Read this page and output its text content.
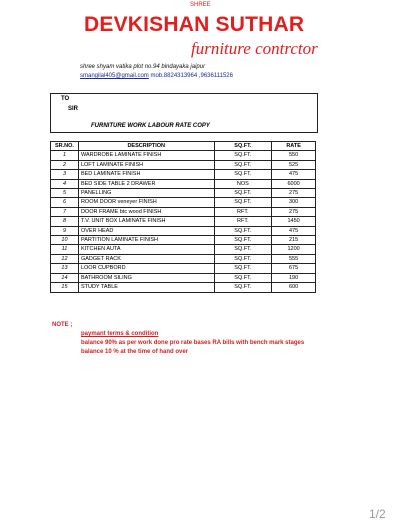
SHREE
DEVKISHAN SUTHAR
furniture contrctor
shree shyam vatika plot no.94 bindayaka jaipur
smangilal405@gmail.com mob.8824313964 ,9636111526
TO
SIR
FURNITURE WORK LABOUR RATE COPY
SR.NO.	DESCRIPTION	SQ.FT.	RATE
1	WARDROBE LAMINATE FINISH	SQ.FT.	550
2	LOFT LAMINATE FINISH	SQ.FT.	525
3	BED LAMINATE FINISH	SQ.FT.	475
4	BED SIDE TABLE 2 DRAWER	NOS	6000
5	PANELLING	SQ.FT.	275
6	ROOM DOOR veneyer FINISH	SQ.FT.	300
7	DOOR FRAME btc wood FINISH	RFT.	275
8	T.V. UNIT BOX LAMINATE FINISH	RFT.	1450
9	OVER HEAD	SQ.FT.	475
10	PARTITION LAMINATE FINISH	SQ.FT.	215
11	KITCHEN AUTA	SQ.FT.	1200
12	GADGET RACK	SQ.FT.	555
13	LOOR CUPBORD	SQ.FT.	675
14	BATHROOM SILING	SQ.FT.	190
15	STUDY TABLE	SQ.FT.	600
NOTE ;
paymant terms & condition
balance 90% as per work done pro rate bases RA bills with bench mark stages
balance 10 % at the time of hand over
1/2
